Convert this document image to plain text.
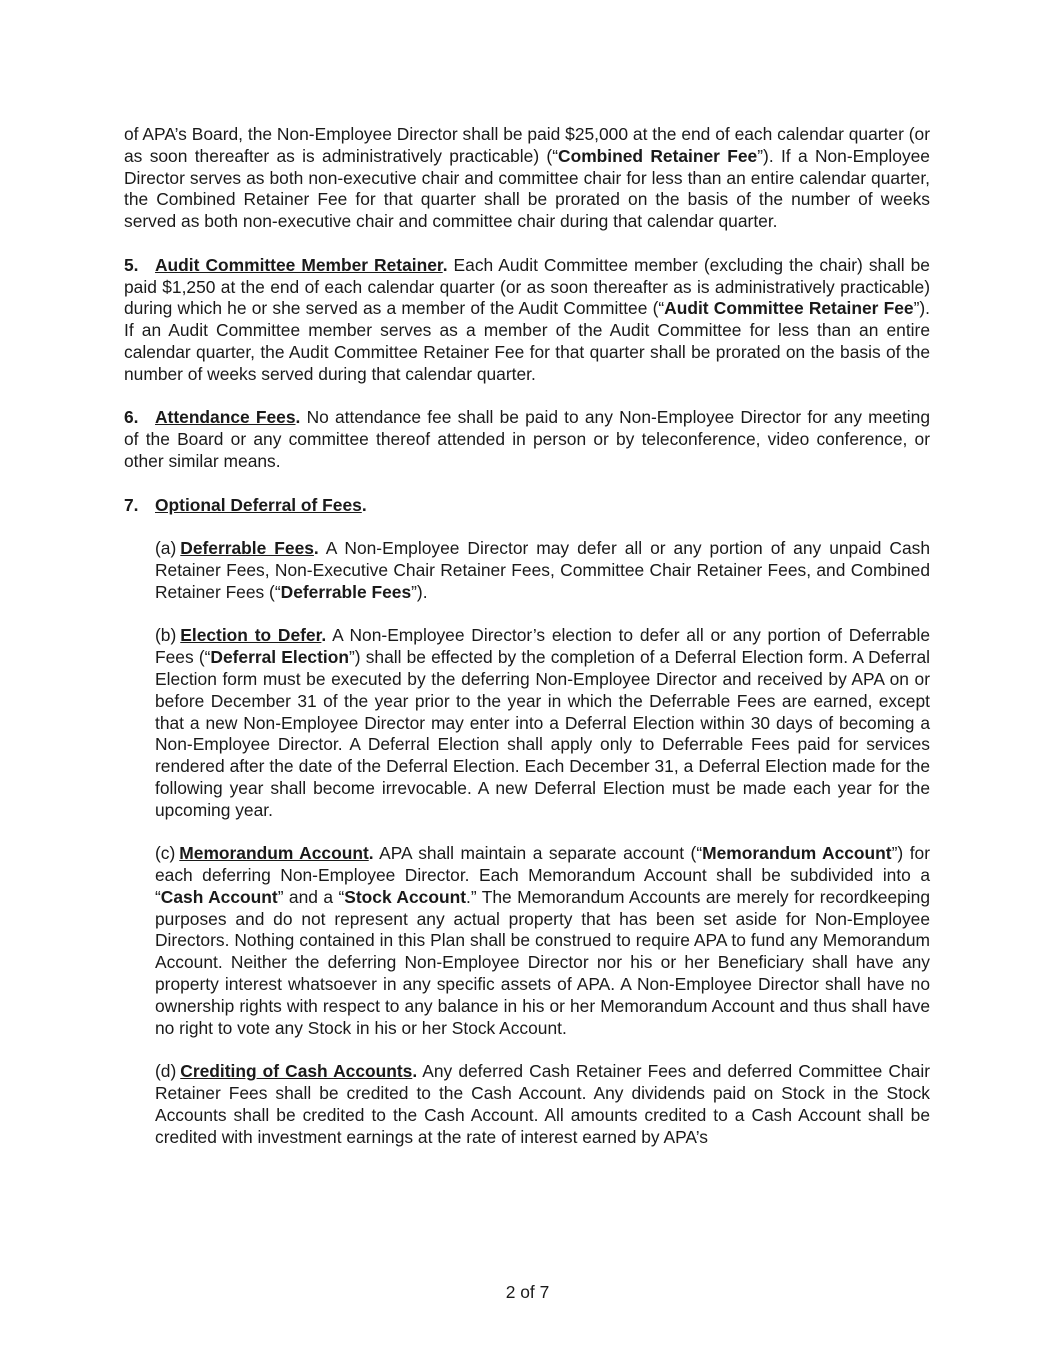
of APA’s Board, the Non-Employee Director shall be paid $25,000 at the end of each calendar quarter (or as soon thereafter as is administratively practicable) (“Combined Retainer Fee”). If a Non-Employee Director serves as both non-executive chair and committee chair for less than an entire calendar quarter, the Combined Retainer Fee for that quarter shall be prorated on the basis of the number of weeks served as both non-executive chair and committee chair during that calendar quarter.

5. Audit Committee Member Retainer. Each Audit Committee member (excluding the chair) shall be paid $1,250 at the end of each calendar quarter (or as soon thereafter as is administratively practicable) during which he or she served as a member of the Audit Committee (“Audit Committee Retainer Fee”). If an Audit Committee member serves as a member of the Audit Committee for less than an entire calendar quarter, the Audit Committee Retainer Fee for that quarter shall be prorated on the basis of the number of weeks served during that calendar quarter.

6. Attendance Fees. No attendance fee shall be paid to any Non-Employee Director for any meeting of the Board or any committee thereof attended in person or by teleconference, video conference, or other similar means.

7. Optional Deferral of Fees.

(a) Deferrable Fees. A Non-Employee Director may defer all or any portion of any unpaid Cash Retainer Fees, Non-Executive Chair Retainer Fees, Committee Chair Retainer Fees, and Combined Retainer Fees (“Deferrable Fees”).

(b) Election to Defer. A Non-Employee Director’s election to defer all or any portion of Deferrable Fees (“Deferral Election”) shall be effected by the completion of a Deferral Election form. A Deferral Election form must be executed by the deferring Non-Employee Director and received by APA on or before December 31 of the year prior to the year in which the Deferrable Fees are earned, except that a new Non-Employee Director may enter into a Deferral Election within 30 days of becoming a Non-Employee Director. A Deferral Election shall apply only to Deferrable Fees paid for services rendered after the date of the Deferral Election. Each December 31, a Deferral Election made for the following year shall become irrevocable. A new Deferral Election must be made each year for the upcoming year.

(c) Memorandum Account. APA shall maintain a separate account (“Memorandum Account”) for each deferring Non-Employee Director. Each Memorandum Account shall be subdivided into a “Cash Account” and a “Stock Account.” The Memorandum Accounts are merely for recordkeeping purposes and do not represent any actual property that has been set aside for Non-Employee Directors. Nothing contained in this Plan shall be construed to require APA to fund any Memorandum Account. Neither the deferring Non-Employee Director nor his or her Beneficiary shall have any property interest whatsoever in any specific assets of APA. A Non-Employee Director shall have no ownership rights with respect to any balance in his or her Memorandum Account and thus shall have no right to vote any Stock in his or her Stock Account.

(d) Crediting of Cash Accounts. Any deferred Cash Retainer Fees and deferred Committee Chair Retainer Fees shall be credited to the Cash Account. Any dividends paid on Stock in the Stock Accounts shall be credited to the Cash Account. All amounts credited to a Cash Account shall be credited with investment earnings at the rate of interest earned by APA’s

2 of 7
